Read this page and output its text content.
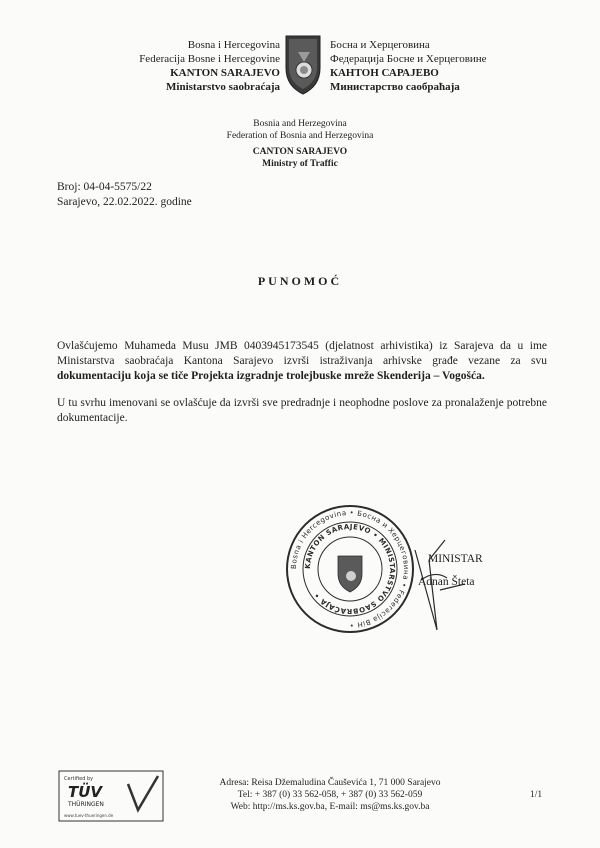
Bosna i Hercegovina
Federacija Bosne i Hercegovine
KANTON SARAJEVO
Ministarstvo saobraćaja
Босна и Херцеговина
Федерација Босне и Херцеговине
КАНТОН САРАЈЕВО
Министарство саобраћаја
Bosnia and Herzegovina
Federation of Bosnia and Herzegovina
CANTON SARAJEVO
Ministry of Traffic
Broj: 04-04-5575/22
Sarajevo, 22.02.2022. godine
PUNOMOĆ
Ovlašćujemo Muhameda Musu JMB 0403945173545 (djelatnost arhivistika) iz Sarajeva da u ime Ministarstva saobraćaja Kantona Sarajevo izvrši istraživanja arhivske građe vezane za svu dokumentaciju koja se tiče Projekta izgradnje trolejbuske mreže Skenderija – Vogošća.
U tu svrhu imenovani se ovlašćuje da izvrši sve predradnje i neophodne poslove za pronalaženje potrebne dokumentacije.
Bosna i Hercegovina • Босна и Херцеговина • Federacija BiH •
KANTON SARAJEVO • MINISTARSTVO SAOBRAĆAJA •
MINISTAR
Adnan Šteta
Certified by
TÜV
THÜRINGEN
www.tuev-thueringen.de
Adresa: Reisa Džemaludina Čauševića 1, 71 000 Sarajevo
Tel: + 387 (0) 33 562-058, + 387 (0) 33 562-059
Web: http://ms.ks.gov.ba, E-mail: ms@ms.ks.gov.ba
1/1
